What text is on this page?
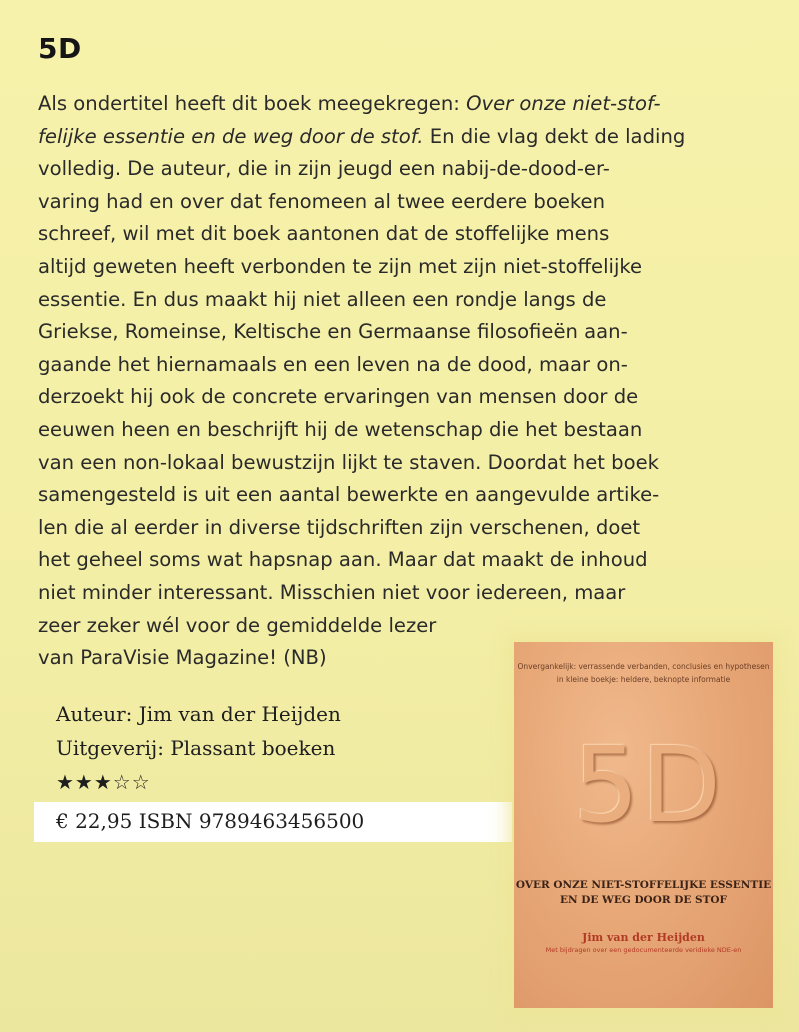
5D
Als ondertitel heeft dit boek meegekregen: Over onze niet-stof-
felijke essentie en de weg door de stof. En die vlag dekt de lading
volledig. De auteur, die in zijn jeugd een nabij-de-dood-er-
varing had en over dat fenomeen al twee eerdere boeken
schreef, wil met dit boek aantonen dat de stoffelijke mens
altijd geweten heeft verbonden te zijn met zijn niet-stoffelijke
essentie. En dus maakt hij niet alleen een rondje langs de
Griekse, Romeinse, Keltische en Germaanse filosofieën aan-
gaande het hiernamaals en een leven na de dood, maar on-
derzoekt hij ook de concrete ervaringen van mensen door de
eeuwen heen en beschrijft hij de wetenschap die het bestaan
van een non-lokaal bewustzijn lijkt te staven. Doordat het boek
samengesteld is uit een aantal bewerkte en aangevulde artike-
len die al eerder in diverse tijdschriften zijn verschenen, doet
het geheel soms wat hapsnap aan. Maar dat maakt de inhoud
niet minder interessant. Misschien niet voor iedereen, maar
zeer zeker wél voor de gemiddelde lezer
van ParaVisie Magazine! (NB)
Auteur: Jim van der Heijden
Uitgeverij: Plassant boeken
★★★☆☆
€ 22,95 ISBN 9789463456500
Onvergankelijk: verrassende verbanden, conclusies en hypothesen
in kleine boekje: heldere, beknopte informatie
5D
OVER ONZE NIET-STOFFELIJKE ESSENTIE
EN DE WEG DOOR DE STOF
Jim van der Heijden
Met bijdragen over een gedocumenteerde veridieke NDE-en
